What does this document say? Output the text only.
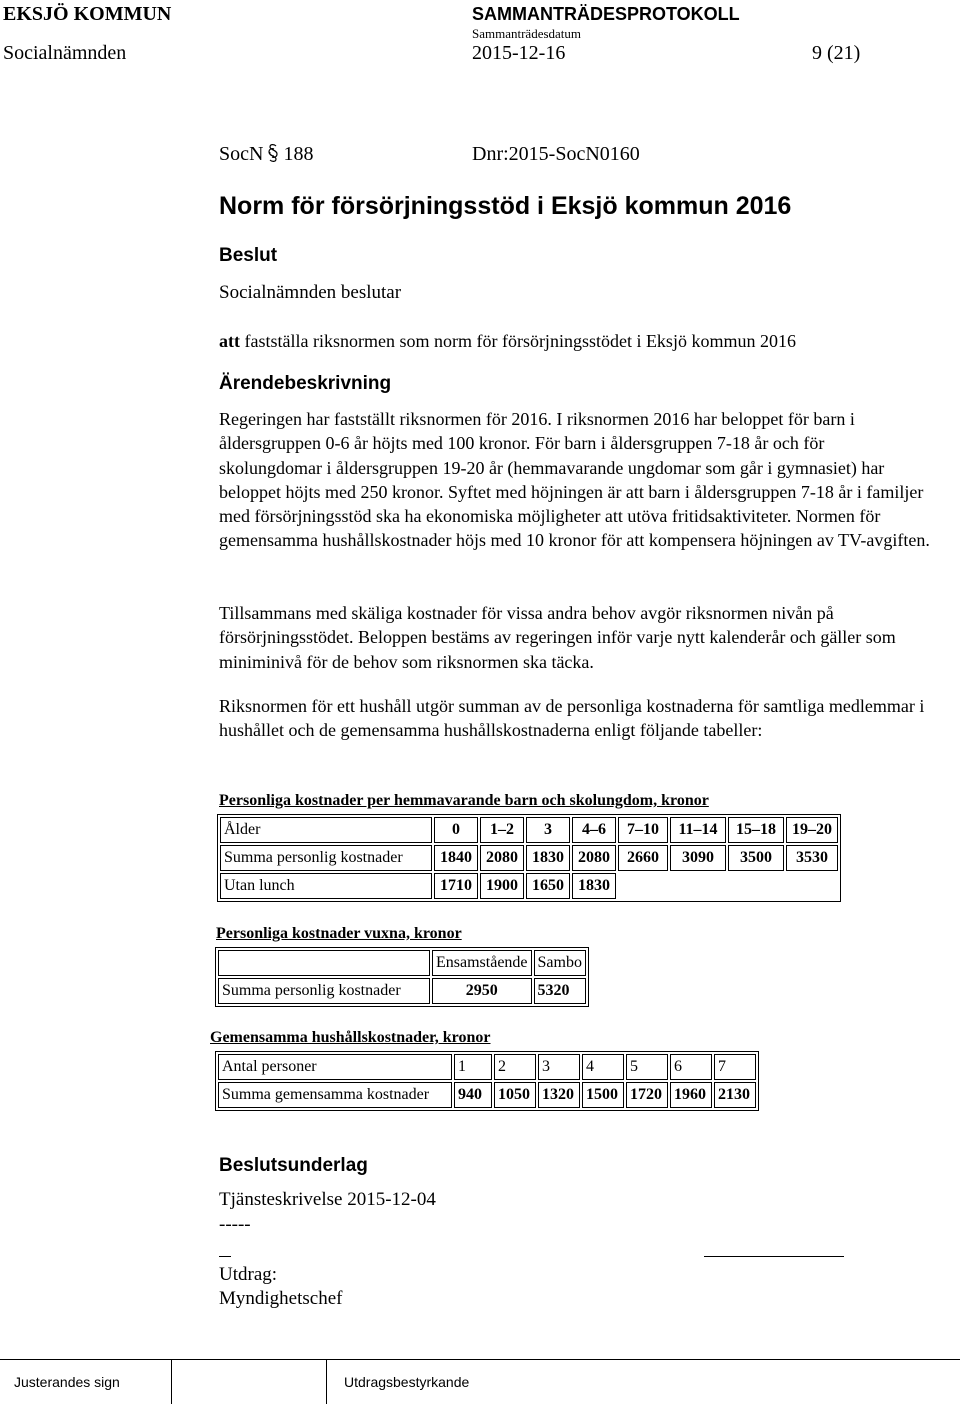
EKSJÖ KOMMUN	SAMMANTRÄDESPROTOKOLL
Sammanträdesdatum
Socialnämnden	2015-12-16	9 (21)
SocN 188	Dnr:2015-SocN0160
Norm för försörjningsstöd i Eksjö kommun 2016
Beslut
Socialnämnden beslutar
att fastställa riksnormen som norm för försörjningsstödet i Eksjö kommun 2016
Ärendebeskrivning

Regeringen har fastställt riksnormen för 2016. I riksnormen 2016 har beloppet för barn i åldersgruppen 0-6 år höjts med 100 kronor. För barn i åldersgruppen 7-18 år och för skolungdomar i åldersgruppen 19-20 år (hemmavarande ungdomar som går i gymnasiet) har beloppet höjts med 250 kronor. Syftet med höjningen är att barn i åldersgruppen 7-18 år i familjer med försörjningsstöd ska ha ekonomiska möjligheter att utöva fritidsaktiviteter. Normen för gemensamma hushållskostnader höjs med 10 kronor för att kompensera höjningen av TV-avgiften.

Tillsammans med skäliga kostnader för vissa andra behov avgör riksnormen nivån på försörjningsstödet. Beloppen bestäms av regeringen inför varje nytt kalenderår och gäller som miniminivå för de behov som riksnormen ska täcka.

Riksnormen för ett hushåll utgör summan av de personliga kostnaderna för samtliga medlemmar i hushållet och de gemensamma hushållskostnaderna enligt följande tabeller:

Personliga kostnader per hemmavarande barn och skolungdom, kronor
Ålder	0	1–2	3	4–6	7–10	11–14	15–18	19–20
Summa personlig kostnader	1840	2080	1830	2080	2660	3090	3500	3530
Utan lunch	1710	1900	1650	1830				
Personliga kostnader vuxna, kronor
	Ensamstående	Sambo
Summa personlig kostnader	2950	5320
Gemensamma hushållskostnader, kronor
Antal personer	1	2	3	4	5	6	7
Summa gemensamma kostnader	940	1050	1320	1500	1720	1960	2130
Beslutsunderlag
Tjänsteskrivelse 2015-12-04
-----
Utdrag:
Myndighetschef
Justerandes sign	Utdragsbestyrkande
